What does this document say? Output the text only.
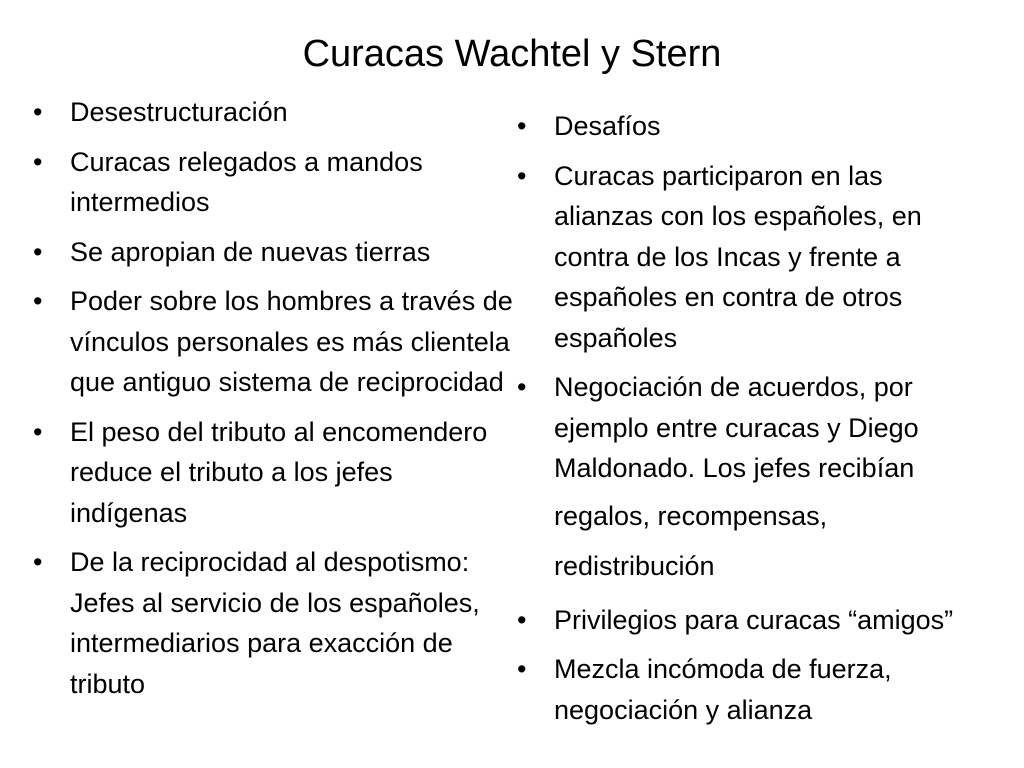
Curacas Wachtel y Stern
• Desestructuración
• Curacas relegados a mandos intermedios
• Se apropian de nuevas tierras
• Poder sobre los hombres a través de vínculos personales es más clientela que antiguo sistema de reciprocidad
• El peso del tributo al encomendero reduce el tributo a los jefes indígenas
• De la reciprocidad al despotismo: Jefes al servicio de los españoles, intermediarios para exacción de tributo
• Desafíos
• Curacas participaron en las alianzas con los españoles, en contra de los Incas y frente a españoles en contra de otros españoles
• Negociación de acuerdos, por ejemplo entre curacas y Diego Maldonado. Los jefes recibían
regalos, recompensas, redistribución
• Privilegios para curacas “amigos”
• Mezcla incómoda de fuerza, negociación y alianza
